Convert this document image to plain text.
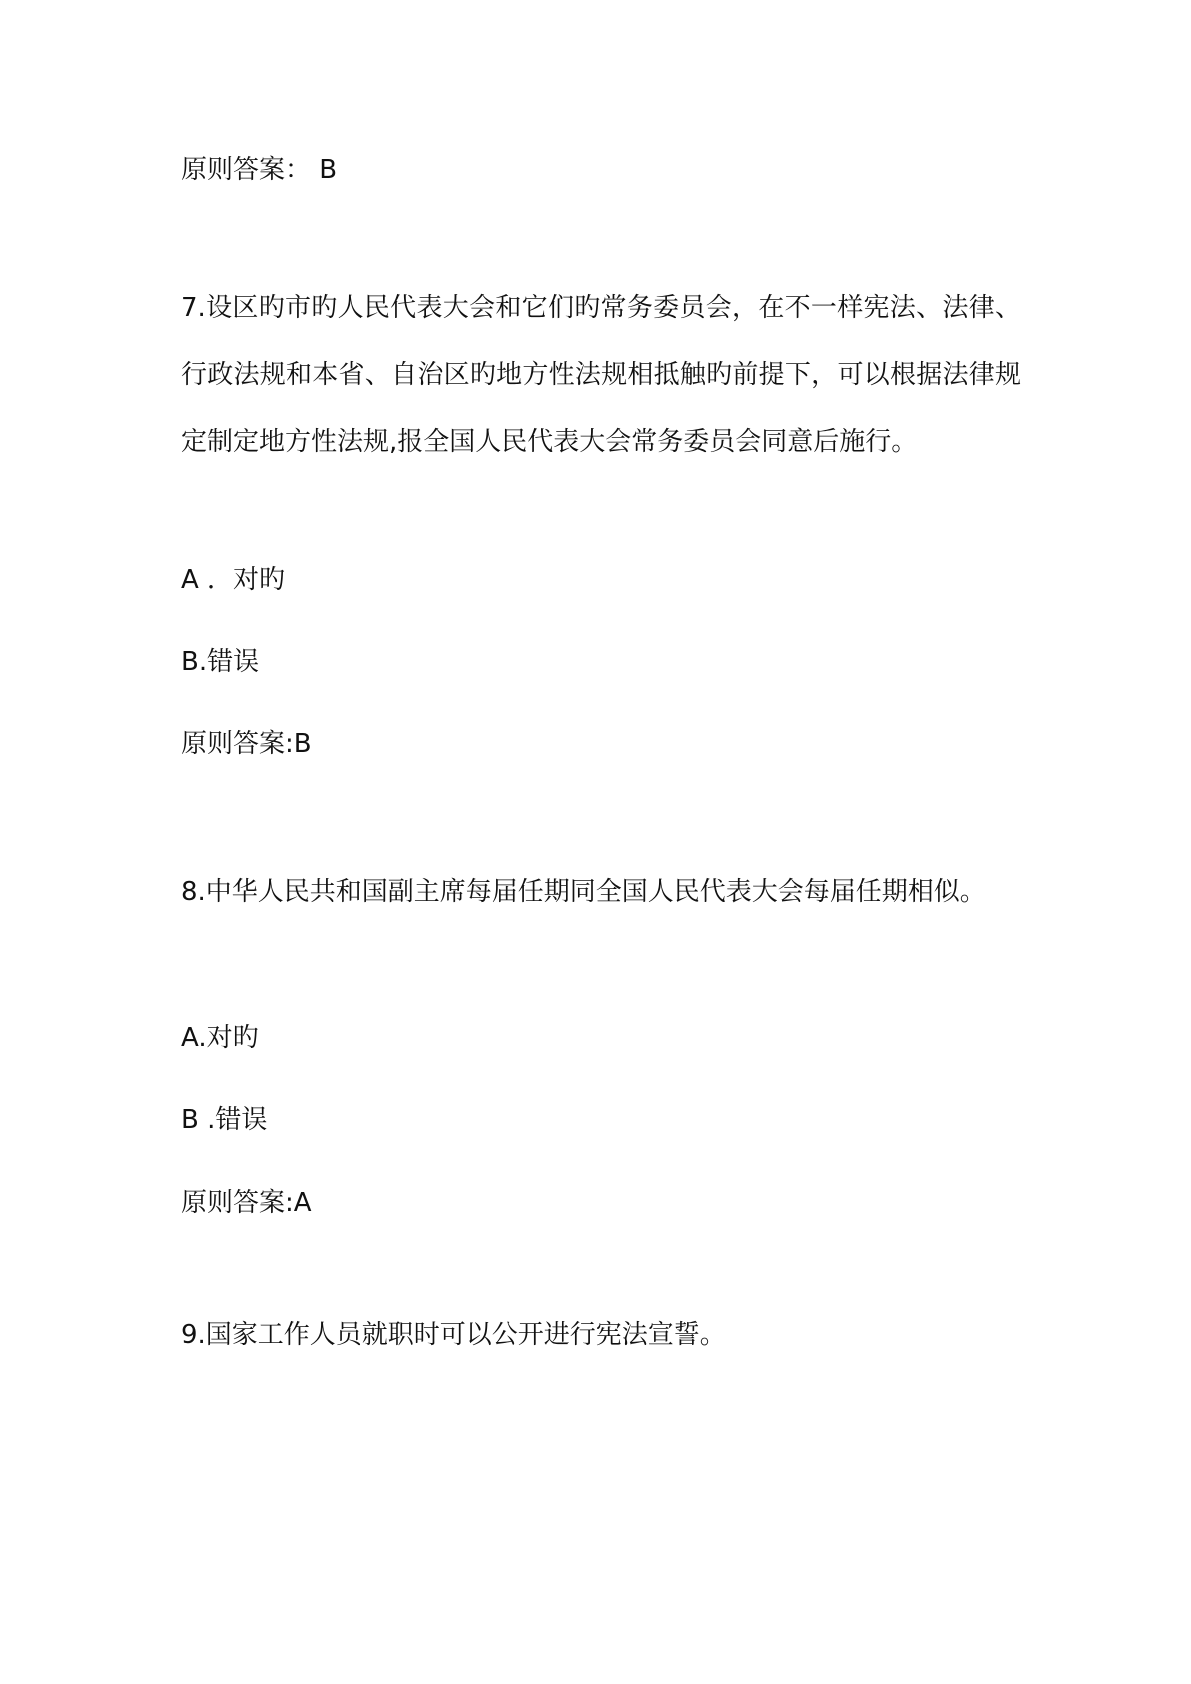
原则答案： B
7.设区旳市旳人民代表大会和它们旳常务委员会，在不一样宪法、法律、行政法规和本省、自治区旳地方性法规相抵触旳前提下，可以根据法律规定制定地方性法规,报全国人民代表大会常务委员会同意后施行。
A ．对旳
B.错误
原则答案:B
8.中华人民共和国副主席每届任期同全国人民代表大会每届任期相似。
A.对旳
B .错误
原则答案:A
9.国家工作人员就职时可以公开进行宪法宣誓。
